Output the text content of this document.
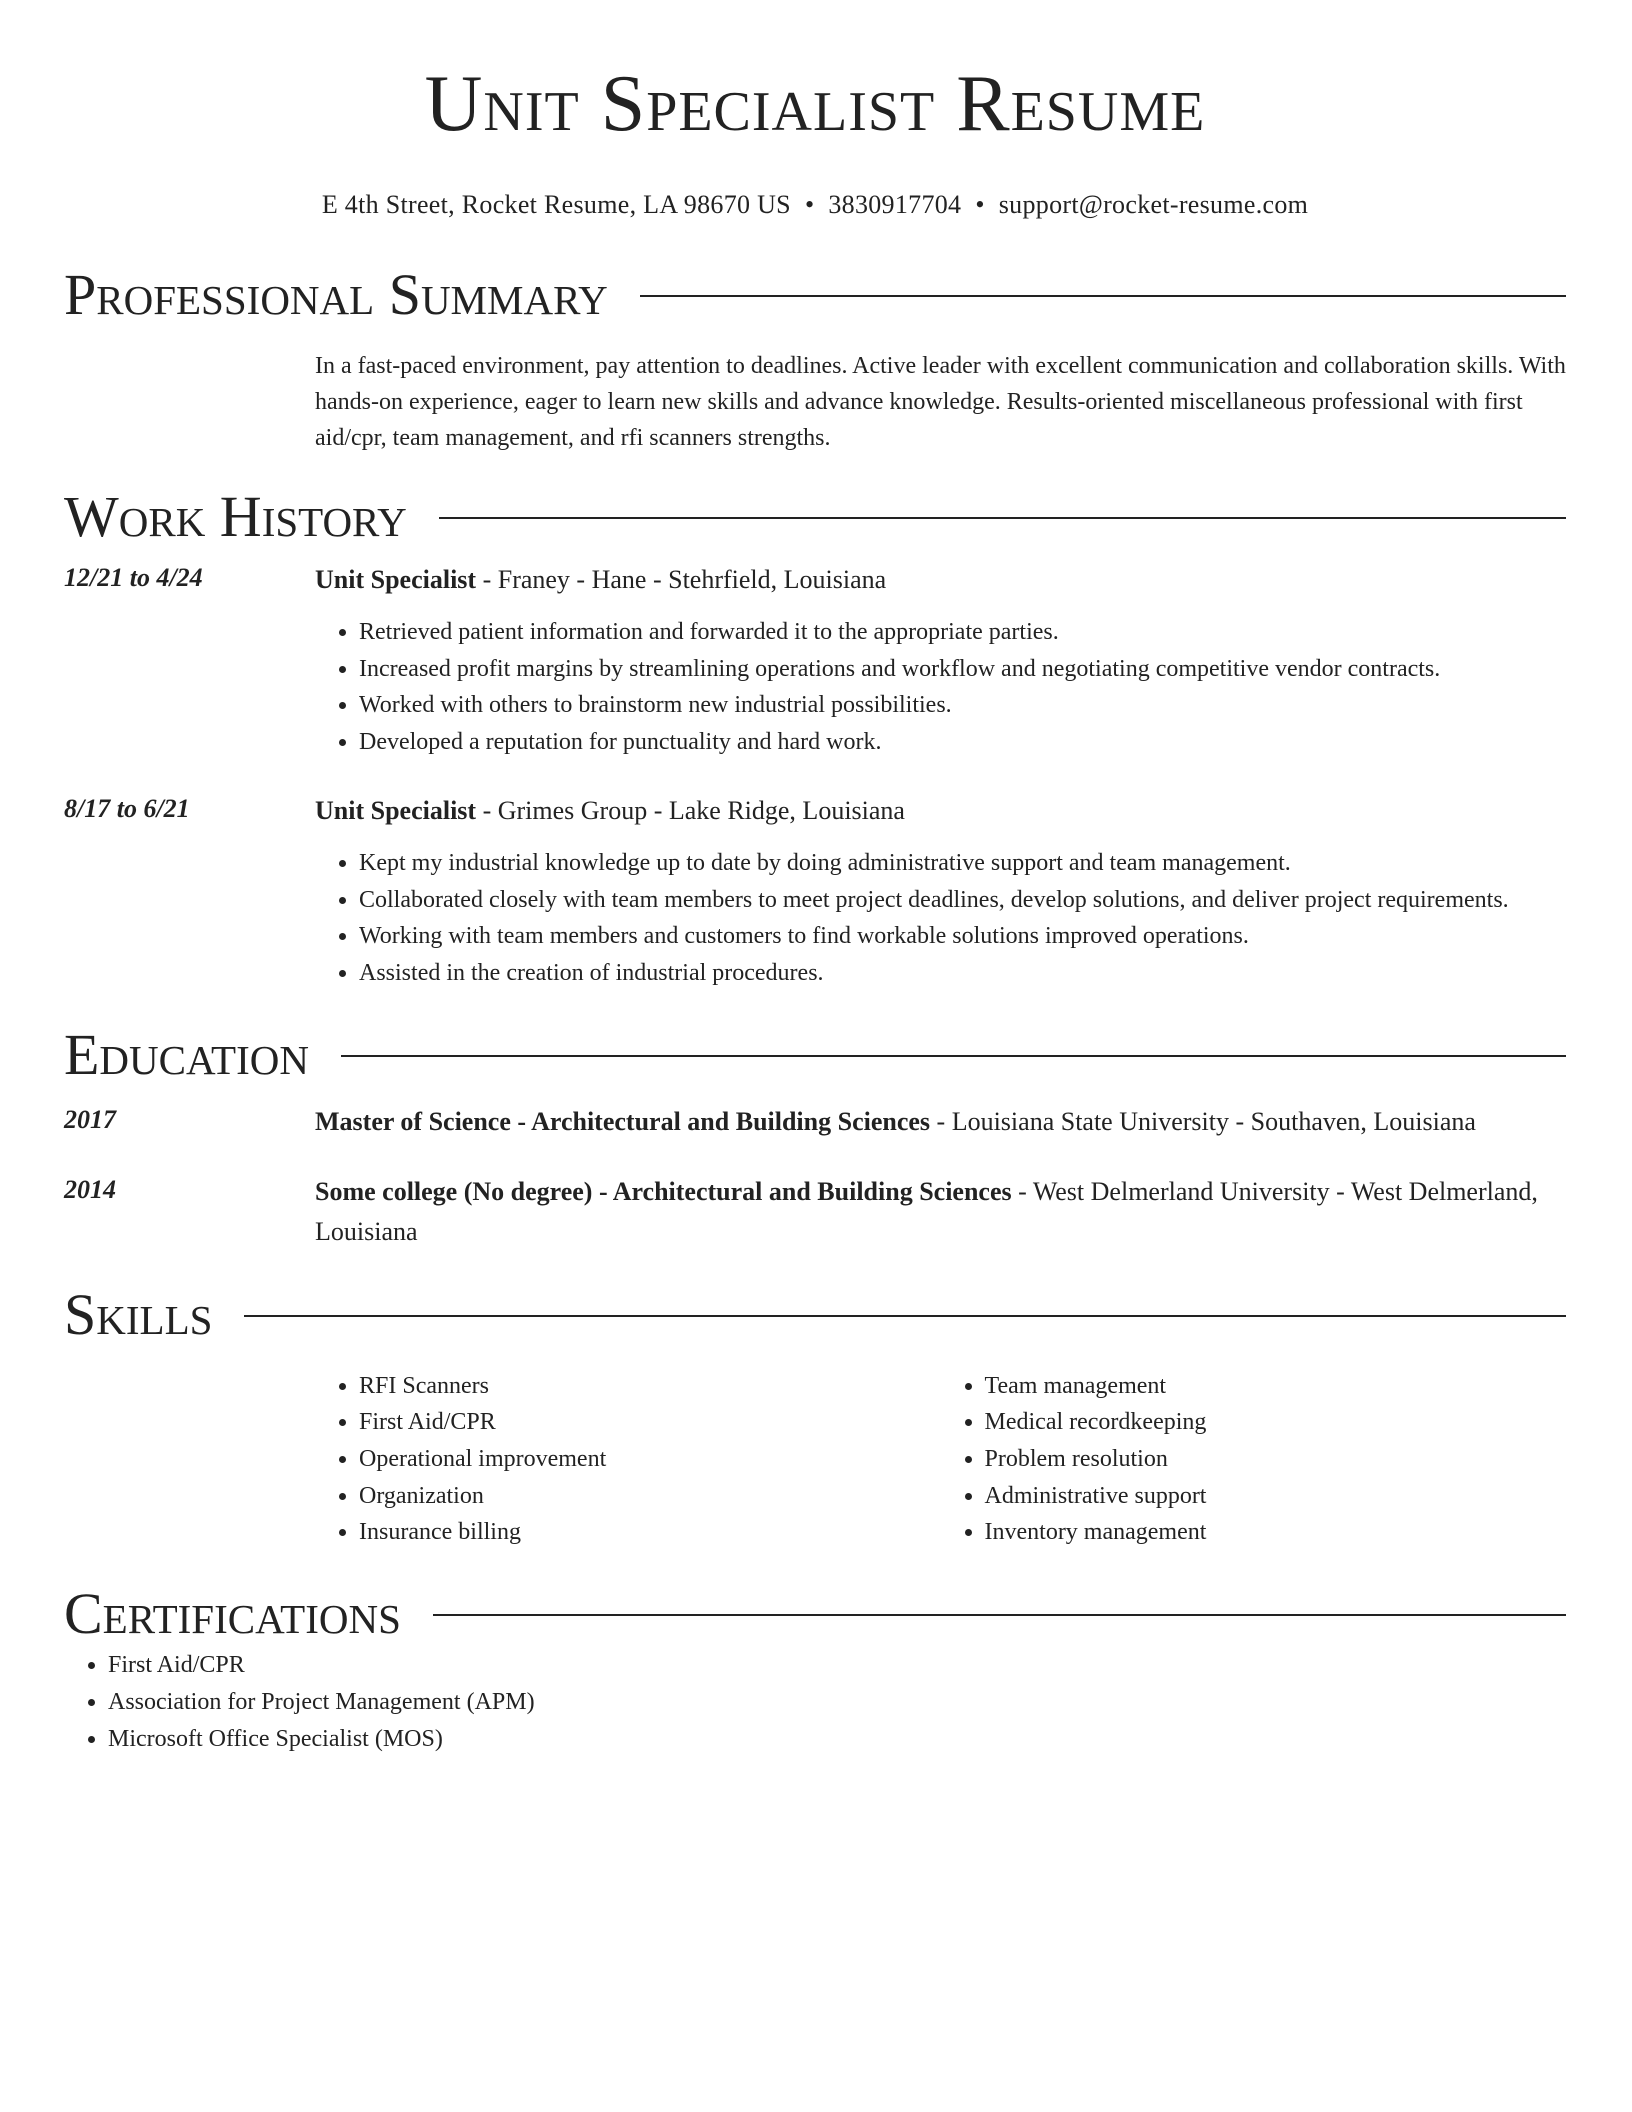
Unit Specialist Resume
E 4th Street, Rocket Resume, LA 98670 US • 3830917704 • support@rocket-resume.com
Professional Summary

In a fast-paced environment, pay attention to deadlines. Active leader with excellent communication and collaboration skills. With hands-on experience, eager to learn new skills and advance knowledge. Results-oriented miscellaneous professional with first aid/cpr, team management, and rfi scanners strengths.

Work History
12/21 to 4/24	Unit Specialist - Franey - Hane - Stehrfield, Louisiana
• Retrieved patient information and forwarded it to the appropriate parties.
• Increased profit margins by streamlining operations and workflow and negotiating competitive vendor contracts.
• Worked with others to brainstorm new industrial possibilities.
• Developed a reputation for punctuality and hard work.
8/17 to 6/21	Unit Specialist - Grimes Group - Lake Ridge, Louisiana
• Kept my industrial knowledge up to date by doing administrative support and team management.
• Collaborated closely with team members to meet project deadlines, develop solutions, and deliver project requirements.
• Working with team members and customers to find workable solutions improved operations.
• Assisted in the creation of industrial procedures.
Education
2017	Master of Science - Architectural and Building Sciences - Louisiana State University - Southaven, Louisiana
2014	Some college (No degree) - Architectural and Building Sciences - West Delmerland University - West Delmerland, Louisiana
Skills
• RFI Scanners
• First Aid/CPR
• Operational improvement
• Organization
• Insurance billing
• Team management
• Medical recordkeeping
• Problem resolution
• Administrative support
• Inventory management
Certifications
• First Aid/CPR
• Association for Project Management (APM)
• Microsoft Office Specialist (MOS)
